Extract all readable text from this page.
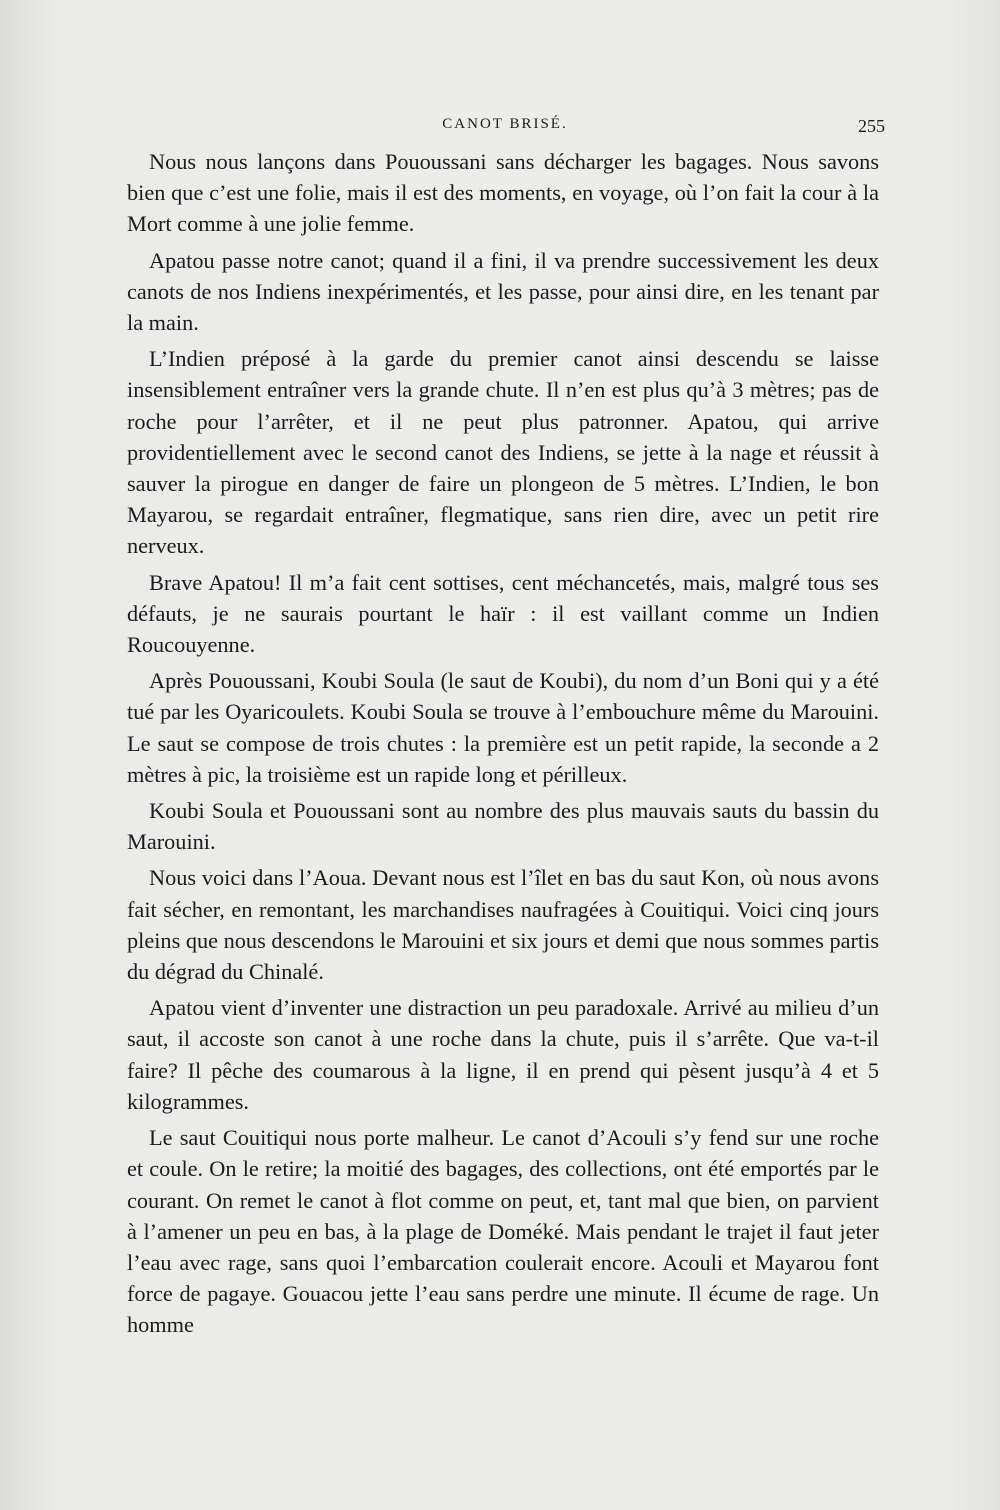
CANOT BRISÉ.	255

Nous nous lançons dans Pououssani sans décharger les bagages. Nous savons bien que c’est une folie, mais il est des moments, en voyage, où l’on fait la cour à la Mort comme à une jolie femme.

Apatou passe notre canot; quand il a fini, il va prendre successivement les deux canots de nos Indiens inexpérimentés, et les passe, pour ainsi dire, en les tenant par la main.

L’Indien préposé à la garde du premier canot ainsi descendu se laisse insensiblement entraîner vers la grande chute. Il n’en est plus qu’à 3 mètres; pas de roche pour l’arrêter, et il ne peut plus patronner. Apatou, qui arrive providentiellement avec le second canot des Indiens, se jette à la nage et réussit à sauver la pirogue en danger de faire un plongeon de 5 mètres. L’Indien, le bon Mayarou, se regardait entraîner, flegmatique, sans rien dire, avec un petit rire nerveux.

Brave Apatou! Il m’a fait cent sottises, cent méchancetés, mais, malgré tous ses défauts, je ne saurais pourtant le haïr : il est vaillant comme un Indien Roucouyenne.

Après Pououssani, Koubi Soula (le saut de Koubi), du nom d’un Boni qui y a été tué par les Oyaricoulets. Koubi Soula se trouve à l’embouchure même du Marouini. Le saut se compose de trois chutes : la première est un petit rapide, la seconde a 2 mètres à pic, la troisième est un rapide long et périlleux.

Koubi Soula et Pououssani sont au nombre des plus mauvais sauts du bassin du Marouini.

Nous voici dans l’Aoua. Devant nous est l’îlet en bas du saut Kon, où nous avons fait sécher, en remontant, les marchandises naufragées à Couitiqui. Voici cinq jours pleins que nous descendons le Marouini et six jours et demi que nous sommes partis du dégrad du Chinalé.

Apatou vient d’inventer une distraction un peu paradoxale. Arrivé au milieu d’un saut, il accoste son canot à une roche dans la chute, puis il s’arrête. Que va-t-il faire? Il pêche des coumarous à la ligne, il en prend qui pèsent jusqu’à 4 et 5 kilogrammes.

Le saut Couitiqui nous porte malheur. Le canot d’Acouli s’y fend sur une roche et coule. On le retire; la moitié des bagages, des collections, ont été emportés par le courant. On remet le canot à flot comme on peut, et, tant mal que bien, on parvient à l’amener un peu en bas, à la plage de Doméké. Mais pendant le trajet il faut jeter l’eau avec rage, sans quoi l’embarcation coulerait encore. Acouli et Mayarou font force de pagaye. Gouacou jette l’eau sans perdre une minute. Il écume de rage. Un homme
